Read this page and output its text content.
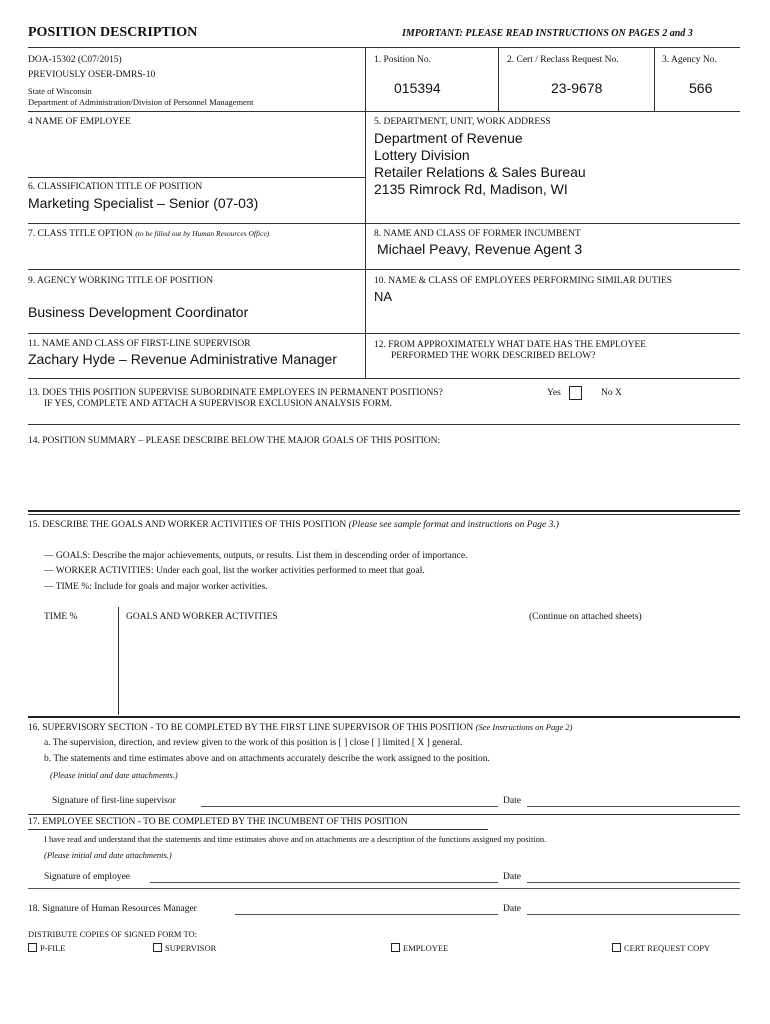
POSITION DESCRIPTION	IMPORTANT: PLEASE READ INSTRUCTIONS ON PAGES 2 and 3
DOA-15302 (C07/2015)
PREVIOUSLY OSER-DMRS-10
State of Wisconsin
Department of Administration/Division of Personnel Management
1. Position No.
015394
2. Cert / Reclass Request No.
23-9678
3. Agency No.
566
4 NAME OF EMPLOYEE	5. DEPARTMENT, UNIT, WORK ADDRESS
Department of Revenue
Lottery Division
Retailer Relations & Sales Bureau
2135 Rimrock Rd, Madison, WI
6. CLASSIFICATION TITLE OF POSITION
Marketing Specialist – Senior (07-03)
7. CLASS TITLE OPTION (to be filled out by Human Resources Office)	8. NAME AND CLASS OF FORMER INCUMBENT
Michael Peavy, Revenue Agent 3
9. AGENCY WORKING TITLE OF POSITION
Business Development Coordinator
10. NAME & CLASS OF EMPLOYEES PERFORMING SIMILAR DUTIES
NA
11. NAME AND CLASS OF FIRST-LINE SUPERVISOR
Zachary Hyde – Revenue Administrative Manager
12. FROM APPROXIMATELY WHAT DATE HAS THE EMPLOYEE
PERFORMED THE WORK DESCRIBED BELOW?
13. DOES THIS POSITION SUPERVISE SUBORDINATE EMPLOYEES IN PERMANENT POSITIONS?
IF YES, COMPLETE AND ATTACH A SUPERVISOR EXCLUSION ANALYSIS FORM.
Yes	No X
14. POSITION SUMMARY – PLEASE DESCRIBE BELOW THE MAJOR GOALS OF THIS POSITION:
15. DESCRIBE THE GOALS AND WORKER ACTIVITIES OF THIS POSITION (Please see sample format and instructions on Page 3.)
— GOALS: Describe the major achievements, outputs, or results. List them in descending order of importance.
— WORKER ACTIVITIES: Under each goal, list the worker activities performed to meet that goal.
— TIME %: Include for goals and major worker activities.
TIME %	GOALS AND WORKER ACTIVITIES	(Continue on attached sheets)
16. SUPERVISORY SECTION - TO BE COMPLETED BY THE FIRST LINE SUPERVISOR OF THIS POSITION (See Instructions on Page 2)
a. The supervision, direction, and review given to the work of this position is [ ] close [ ] limited [ X ] general.
b. The statements and time estimates above and on attachments accurately describe the work assigned to the position.
(Please initial and date attachments.)
Signature of first-line supervisor	Date
17. EMPLOYEE SECTION - TO BE COMPLETED BY THE INCUMBENT OF THIS POSITION
I have read and understand that the statements and time estimates above and on attachments are a description of the functions assigned my position.
(Please initial and date attachments.)
Signature of employee	Date
18. Signature of Human Resources Manager	Date
DISTRIBUTE COPIES OF SIGNED FORM TO:
P-FILE	SUPERVISOR	EMPLOYEE	CERT REQUEST COPY
